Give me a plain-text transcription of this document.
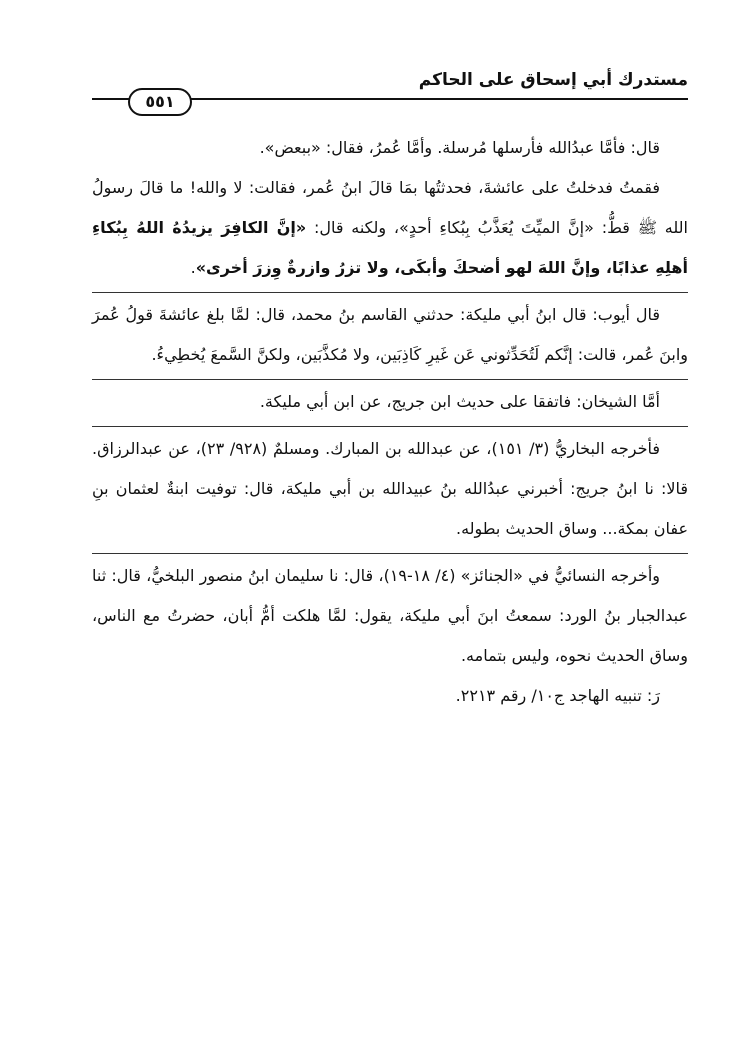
مستدرك أبي إسحاق على الحاكم
٥٥١

قال: فأمَّا عبدُالله فأرسلها مُرسلة. وأمَّا عُمرُ، فقال: «ببعض».

فقمتُ فدخلتُ على عائشةَ، فحدثتُها بمَا قالَ ابنُ عُمر، فقالت: لا والله! ما قالَ رسولُ الله ﷺ قطُّ: «إنَّ الميِّتَ يُعَذَّبُ بِبُكاءِ أحدٍ»، ولكنه قال: «إنَّ الكافِرَ يزيدُهُ اللهُ بِبُكاءِ أهلِهِ عذابًا، وإنَّ اللهَ لهو أضحكَ وأبكَى، ولا تزرُ وازرةٌ وِزرَ أخرى».

قال أيوب: قال ابنُ أبي مليكة: حدثني القاسم بنُ محمد، قال: لمَّا بلغ عائشةَ قولُ عُمرَ وابنَ عُمر، قالت: إنَّكم لَتُحَدِّثوني عَن غَيرِ كَاذِبَين، ولا مُكذَّبَين، ولكنَّ السَّمعَ يُخطِيءُ.

أمَّا الشيخان: فاتفقا على حديث ابن جريج، عن ابن أبي مليكة.

فأخرجه البخاريُّ (٣/ ١٥١)، عن عبدالله بن المبارك. ومسلمٌ (٩٢٨/ ٢٣)، عن عبدالرزاق. قالا: نا ابنُ جريج: أخبرني عبدُالله بنُ عبيدالله بن أبي مليكة، قال: توفيت ابنةٌ لعثمان بنِ عفان بمكة... وساق الحديث بطوله.

وأخرجه النسائيُّ في «الجنائز» (٤/ ١٨-١٩)، قال: نا سليمان ابنُ منصور البلخيُّ، قال: ثنا عبدالجبار بنُ الورد: سمعتُ ابنَ أبي مليكة، يقول: لمَّا هلكت أمُّ أبان، حضرتُ مع الناس، وساق الحديث نحوه، وليس بتمامه.

رَ: تنبيه الهاجد ج١٠/ رقم ٢٢١٣.
